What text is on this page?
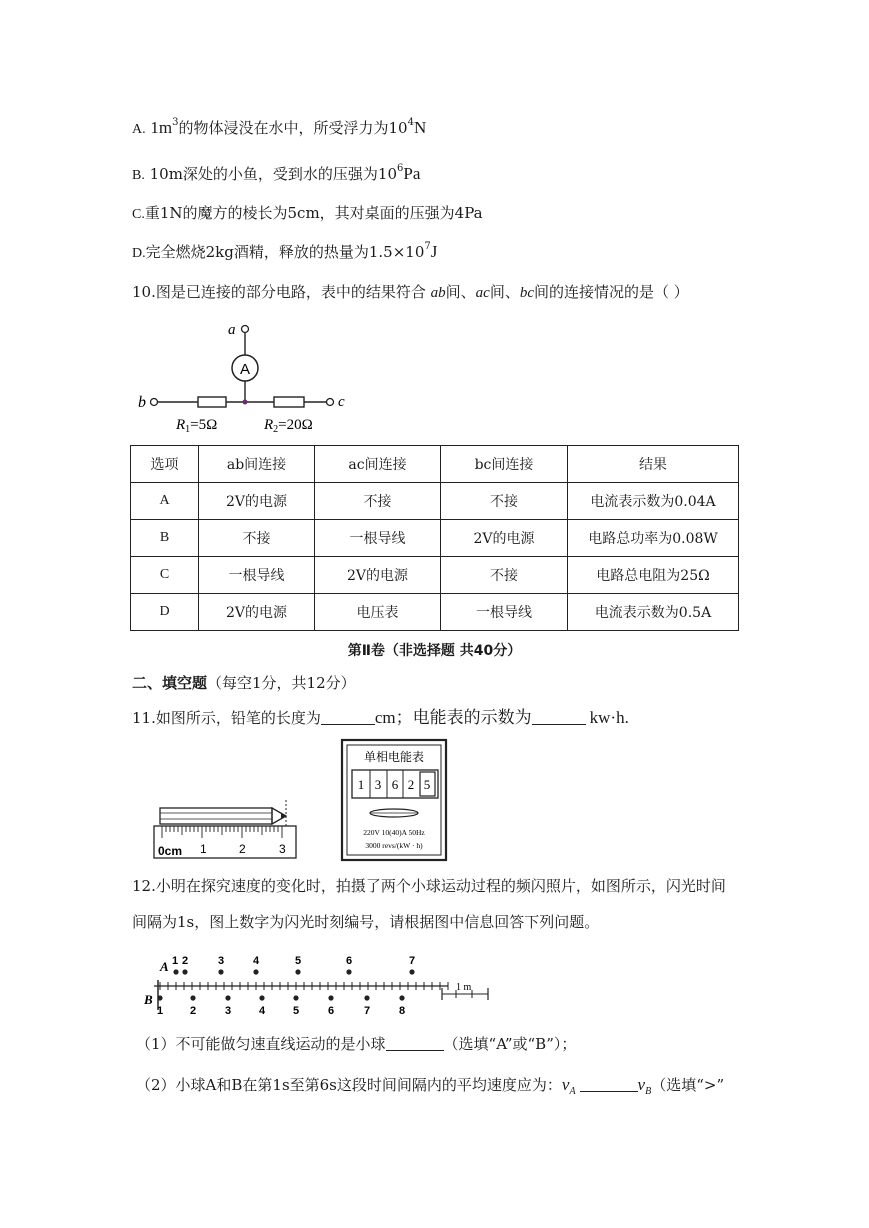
A. $1m^3$的物体浸没在水中，所受浮力为$10^4N$
B. 10m深处的小鱼，受到水的压强为$10^6Pa$
C.重1N的魔方的棱长为5cm，其对桌面的压强为4Pa
D.完全燃烧2kg酒精，释放的热量为$1.5\times 10^7J$
10.图是已连接的部分电路，表中的结果符合 ab间、ac间、bc间的连接情况的是（ ）
a
A
b	c
$R_1=5\Omega$	$R_2=20\Omega$
选项	ab间连接	ac间连接	bc间连接	结果
A	2V的电源	不接	不接	电流表示数为0.04A
B	不接	一根导线	2V的电源	电路总功率为0.08W
C	一根导线	2V的电源	不接	电路总电阻为25Ω
D	2V的电源	电压表	一根导线	电流表示数为0.5A
第Ⅱ卷（非选择题 共40分）
二、填空题（每空1分，共12分）
11.如图所示，铅笔的长度为	cm；电能表的示数为	kw·h.
0cm 1	2	3
单相电能表
1 3 6 2 5
220V 10(40)A 50Hz
3000 revs/(kW · h)
12.小明在探究速度的变化时，拍摄了两个小球运动过程的频闪照片，如图所示，闪光时间
间隔为1s，图上数字为闪光时刻编号，请根据图中信息回答下列问题。
A
B
1 2	3	4	5	6	7
1 2	3	4	5	6	7	8
1 m
（1）不可能做匀速直线运动的是小球	（选填“A”或“B”）；
（2）小球A和B在第1s至第6s这段时间间隔内的平均速度应为：$v_A$	$v_B$（选填“>”
